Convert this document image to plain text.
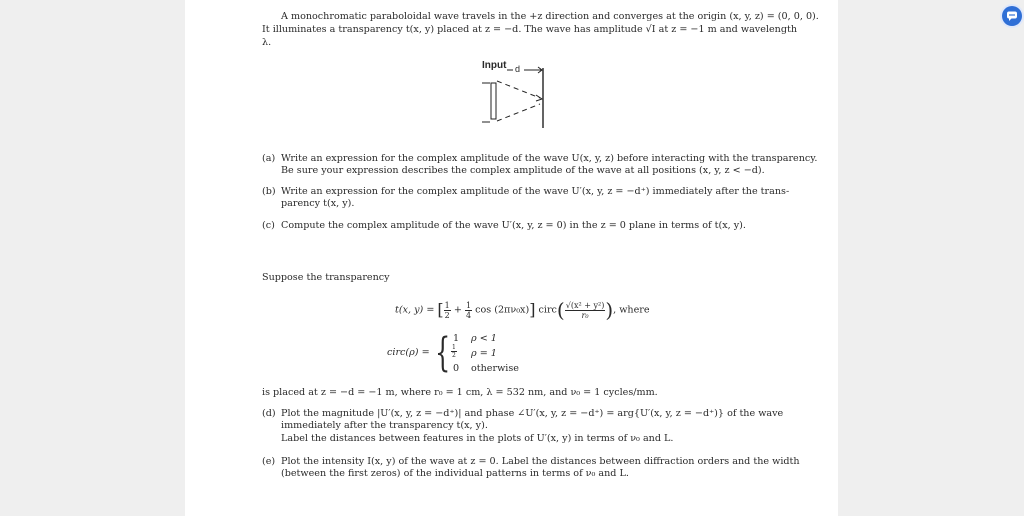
A monochromatic paraboloidal wave travels in the +z direction and converges at the origin (x, y, z) = (0, 0, 0).
It illuminates a transparency t(x, y) placed at z = −d. The wave has amplitude √I at z = −1 m and wavelength
λ.
Input d
(a) Write an expression for the complex amplitude of the wave U(x, y, z) before interacting with the transparency.
Be sure your expression describes the complex amplitude of the wave at all positions (x, y, z < −d).
(b) Write an expression for the complex amplitude of the wave U′(x, y, z = −d⁺) immediately after the trans-
parency t(x, y).
(c) Compute the complex amplitude of the wave U′(x, y, z = 0) in the z = 0 plane in terms of t(x, y).
Suppose the transparency
t(x, y) = [ $\frac{1}{2} + \frac{1}{4}$ cos (2πν₀x)] circ( $\frac{\text{√(x² + y²)}}{\text{r₀}}$ ), where
circ(ρ) = { 1 ρ < 1
$\frac{1}{2}$ ρ = 1
0 otherwise
is placed at z = −d = −1 m, where r₀ = 1 cm, λ = 532 nm, and ν₀ = 1 cycles/mm.
(d) Plot the magnitude |U′(x, y, z = −d⁺)| and phase ∠U′(x, y, z = −d⁺) = arg{U′(x, y, z = −d⁺)} of the wave
immediately after the transparency t(x, y).
Label the distances between features in the plots of U′(x, y) in terms of ν₀ and L.
(e) Plot the intensity I(x, y) of the wave at z = 0. Label the distances between diffraction orders and the width
(between the first zeros) of the individual patterns in terms of ν₀ and L.
